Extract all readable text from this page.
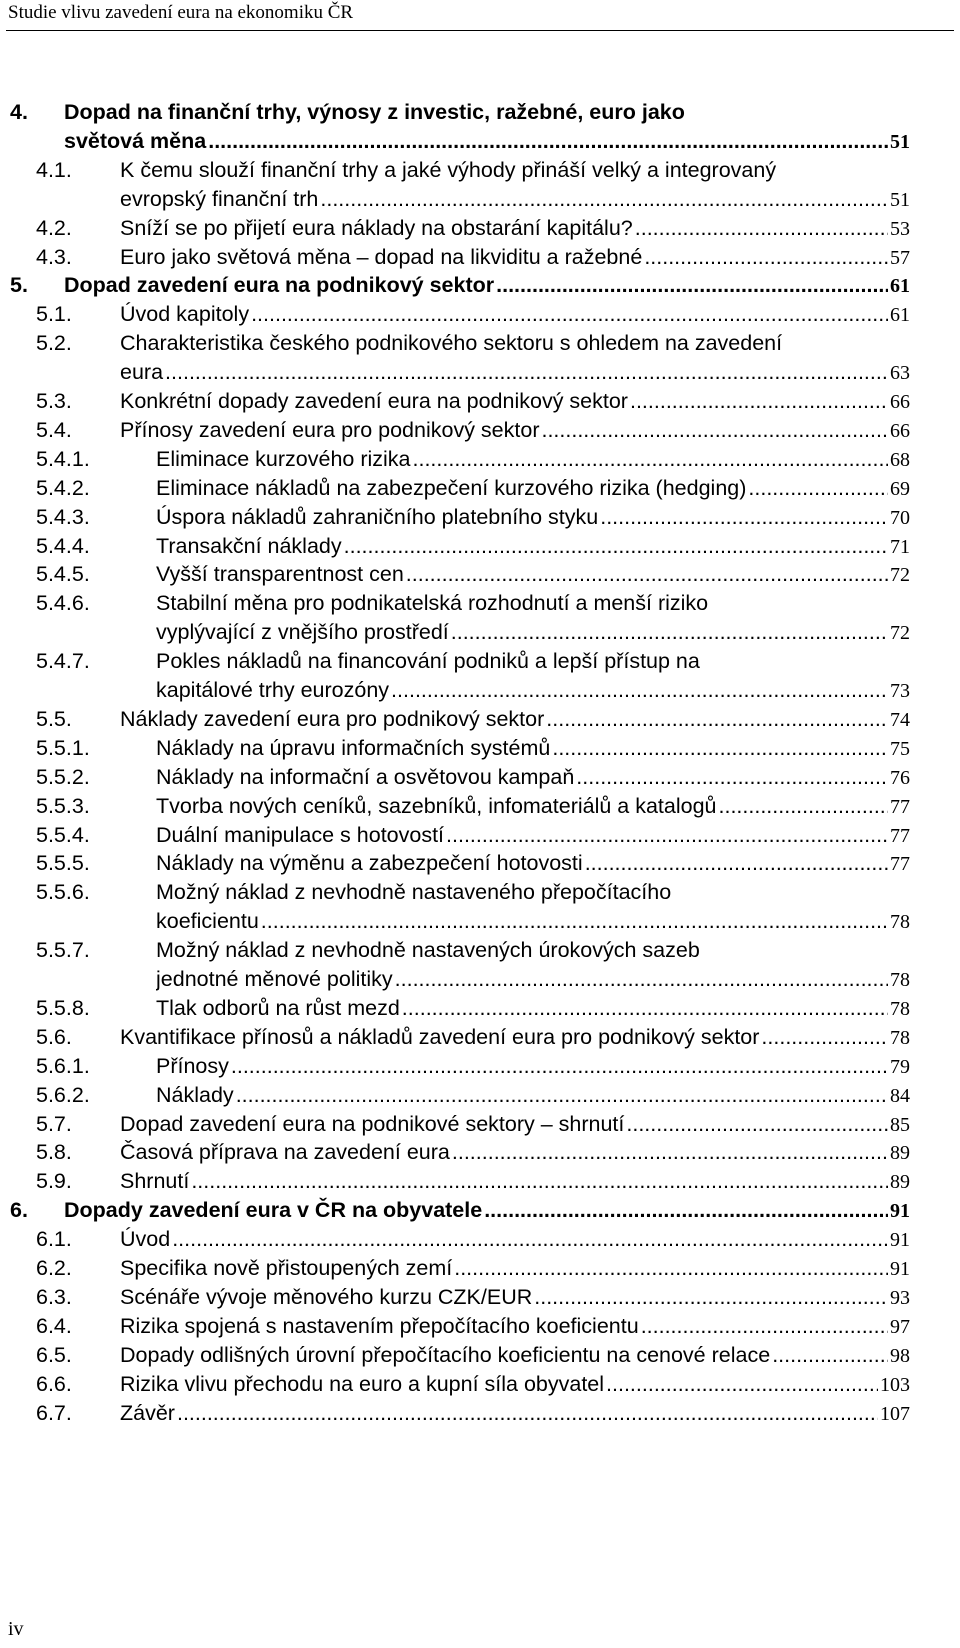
Studie vlivu zavedení eura na ekonomiku ČR
4. Dopad na finanční trhy, výnosy z investic, ražebné, euro jako
světová měna .....	51
4.1. K čemu slouží finanční trhy a jaké výhody přináší velký a integrovaný
evropský finanční trh .....	51
4.2. Sníží se po přijetí eura náklady na obstarání kapitálu? .....	53
4.3. Euro jako světová měna – dopad na likviditu a ražebné .....	57
5. Dopad zavedení eura na podnikový sektor .....	61
5.1. Úvod kapitoly .....	61
5.2. Charakteristika českého podnikového sektoru s ohledem na zavedení
eura .....	63
5.3. Konkrétní dopady zavedení eura na podnikový sektor .....	66
5.4. Přínosy zavedení eura pro podnikový sektor .....	66
5.4.1.	Eliminace kurzového rizika .....	68
5.4.2.	Eliminace nákladů na zabezpečení kurzového rizika (hedging) .....	69
5.4.3.	Úspora nákladů zahraničního platebního styku .....	70
5.4.4.	Transakční náklady .....	71
5.4.5.	Vyšší transparentnost cen .....	72
5.4.6.	Stabilní měna pro podnikatelská rozhodnutí a menší riziko
vyplývající z vnějšího prostředí .....	72
5.4.7.	Pokles nákladů na financování podniků a lepší přístup na
kapitálové trhy eurozóny .....	73
5.5. Náklady zavedení eura pro podnikový sektor .....	74
5.5.1.	Náklady na úpravu informačních systémů .....	75
5.5.2.	Náklady na informační a osvětovou kampaň .....	76
5.5.3.	Tvorba nových ceníků, sazebníků, infomateriálů a katalogů .....	77
5.5.4.	Duální manipulace s hotovostí .....	77
5.5.5.	Náklady na výměnu a zabezpečení hotovosti .....	77
5.5.6.	Možný náklad z nevhodně nastaveného přepočítacího
koeficientu .....	78
5.5.7.	Možný náklad z nevhodně nastavených úrokových sazeb
jednotné měnové politiky .....	78
5.5.8.	Tlak odborů na růst mezd .....	78
5.6. Kvantifikace přínosů a nákladů zavedení eura pro podnikový sektor .....	78
5.6.1.	Přínosy .....	79
5.6.2.	Náklady .....	84
5.7. Dopad zavedení eura na podnikové sektory – shrnutí .....	85
5.8. Časová příprava na zavedení eura .....	89
5.9. Shrnutí .....	89
6. Dopady zavedení eura v ČR na obyvatele .....	91
6.1. Úvod .....	91
6.2. Specifika nově přistoupených zemí .....	91
6.3. Scénáře vývoje měnového kurzu CZK/EUR .....	93
6.4. Rizika spojená s nastavením přepočítacího koeficientu .....	97
6.5. Dopady odlišných úrovní přepočítacího koeficientu na cenové relace .....	98
6.6. Rizika vlivu přechodu na euro a kupní síla obyvatel .....	103
6.7. Závěr .....	107
iv
